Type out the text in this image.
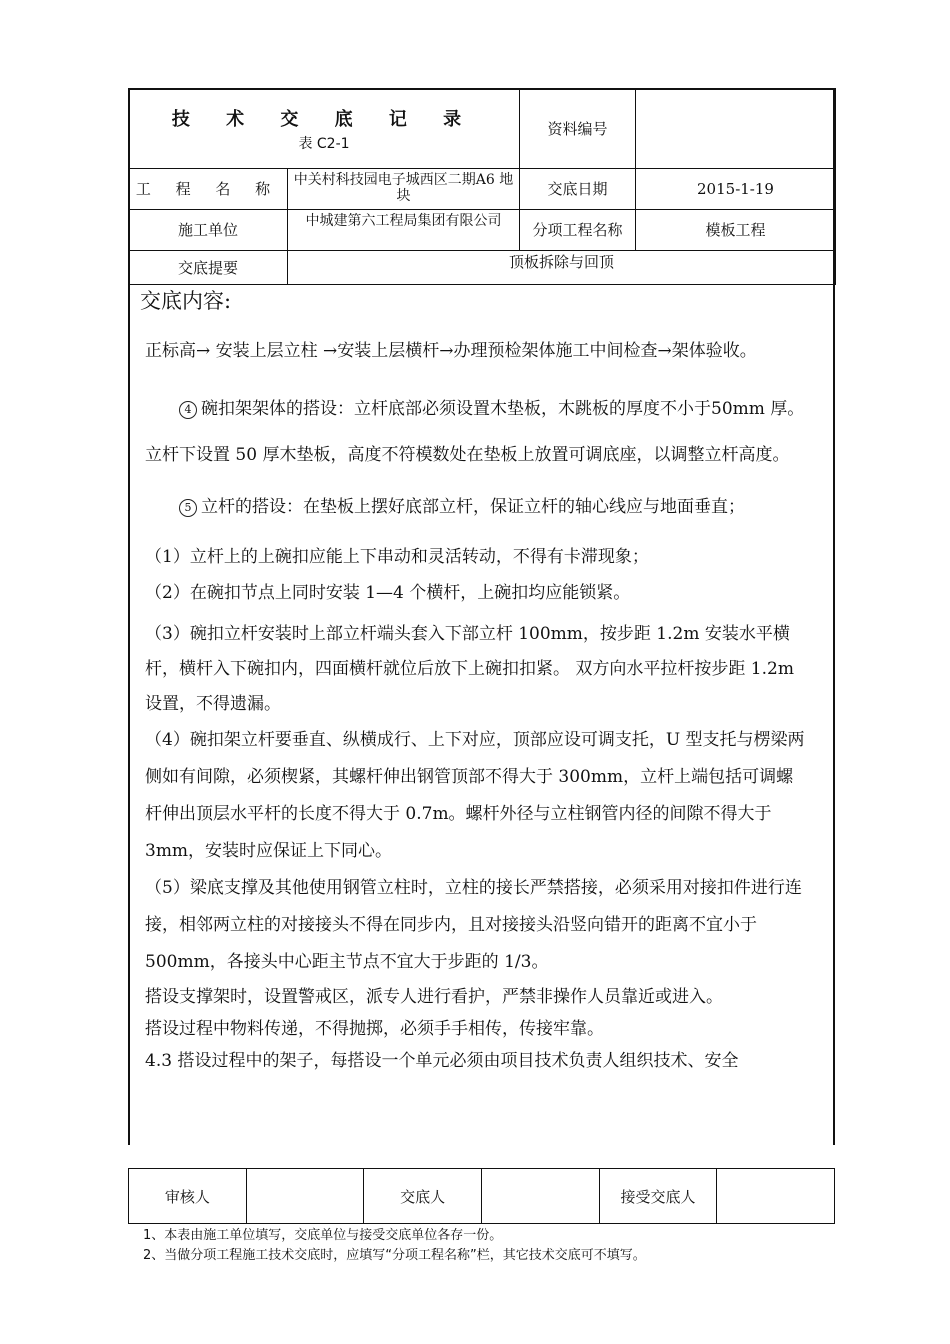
技 术 交 底 记 录
表 C2-1		资料编号	
工 程 名 称	中关村科技园电子城西区二期A6 地块	交底日期	2015-1-19
施工单位	中城建第六工程局集团有限公司	分项工程名称	模板工程
交底提要	顶板拆除与回顶		
交底内容:

正标高→ 安装上层立柱 →安装上层横杆→办理预检架体施工中间检查→架体验收。

4 碗扣架架体的搭设：立杆底部必须设置木垫板，木跳板的厚度不小于50mm 厚。立杆下设置 50 厚木垫板，高度不符模数处在垫板上放置可调底座，以调整立杆高度。

5 立杆的搭设：在垫板上摆好底部立杆，保证立杆的轴心线应与地面垂直；

（1）立杆上的上碗扣应能上下串动和灵活转动，不得有卡滞现象；

（2）在碗扣节点上同时安装 1—4 个横杆，上碗扣均应能锁紧。

（3）碗扣立杆安装时上部立杆端头套入下部立杆 100mm，按步距 1.2m 安装水平横杆，横杆入下碗扣内，四面横杆就位后放下上碗扣扣紧。 双方向水平拉杆按步距 1.2m 设置，不得遗漏。

（4）碗扣架立杆要垂直、纵横成行、上下对应，顶部应设可调支托，U 型支托与楞梁两侧如有间隙，必须楔紧，其螺杆伸出钢管顶部不得大于 300mm，立杆上端包括可调螺杆伸出顶层水平杆的长度不得大于 0.7m。螺杆外径与立柱钢管内径的间隙不得大于 3mm，安装时应保证上下同心。

（5）梁底支撑及其他使用钢管立柱时，立柱的接长严禁搭接，必须采用对接扣件进行连接，相邻两立柱的对接接头不得在同步内，且对接接头沿竖向错开的距离不宜小于 500mm，各接头中心距主节点不宜大于步距的 1/3。

搭设支撑架时，设置警戒区，派专人进行看护，严禁非操作人员靠近或进入。

搭设过程中物料传递，不得抛掷，必须手手相传，传接牢靠。

4.3 搭设过程中的架子，每搭设一个单元必须由项目技术负责人组织技术、安全

审核人		交底人		接受交底人	

1、本表由施工单位填写，交底单位与接受交底单位各存一份。

2、当做分项工程施工技术交底时，应填写“分项工程名称”栏，其它技术交底可不填写。
